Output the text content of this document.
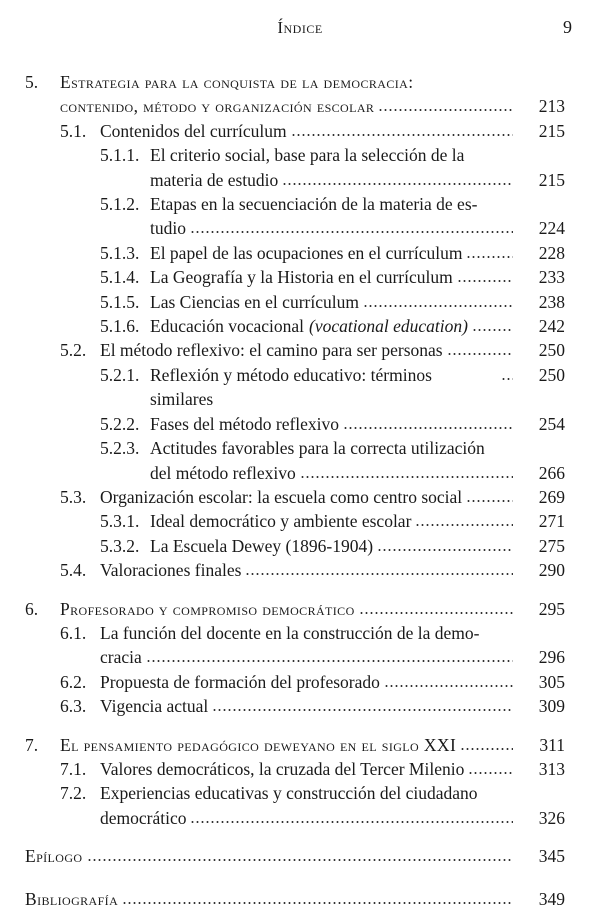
Índice	9
5.	Estrategia para la conquista de la democracia:
contenido, método y organización escolar	213
5.1. Contenidos del currículum	215
5.1.1. El criterio social, base para la selección de la
materia de estudio	215
5.1.2. Etapas en la secuenciación de la materia de es-
tudio	224
5.1.3. El papel de las ocupaciones en el currículum	228
5.1.4. La Geografía y la Historia en el currículum	233
5.1.5. Las Ciencias en el currículum	238
5.1.6. Educación vocacional (vocational education)	242
5.2. El método reflexivo: el camino para ser personas	250
5.2.1. Reflexión y método educativo: términos similares
250
5.2.2. Fases del método reflexivo	254
5.2.3. Actitudes favorables para la correcta utilización
del método reflexivo	266
5.3. Organización escolar: la escuela como centro social	269
5.3.1. Ideal democrático y ambiente escolar	271
5.3.2. La Escuela Dewey (1896-1904)	275
5.4. Valoraciones finales	290
6.	Profesorado y compromiso democrático	295
6.1. La función del docente en la construcción de la demo-
cracia	296
6.2. Propuesta de formación del profesorado	305
6.3. Vigencia actual	309
7.	El pensamiento pedagógico deweyano en el siglo XXI	311
7.1. Valores democráticos, la cruzada del Tercer Milenio	313
7.2. Experiencias educativas y construcción del ciudadano
democrático	326
Epílogo	345
Bibliografía	349
